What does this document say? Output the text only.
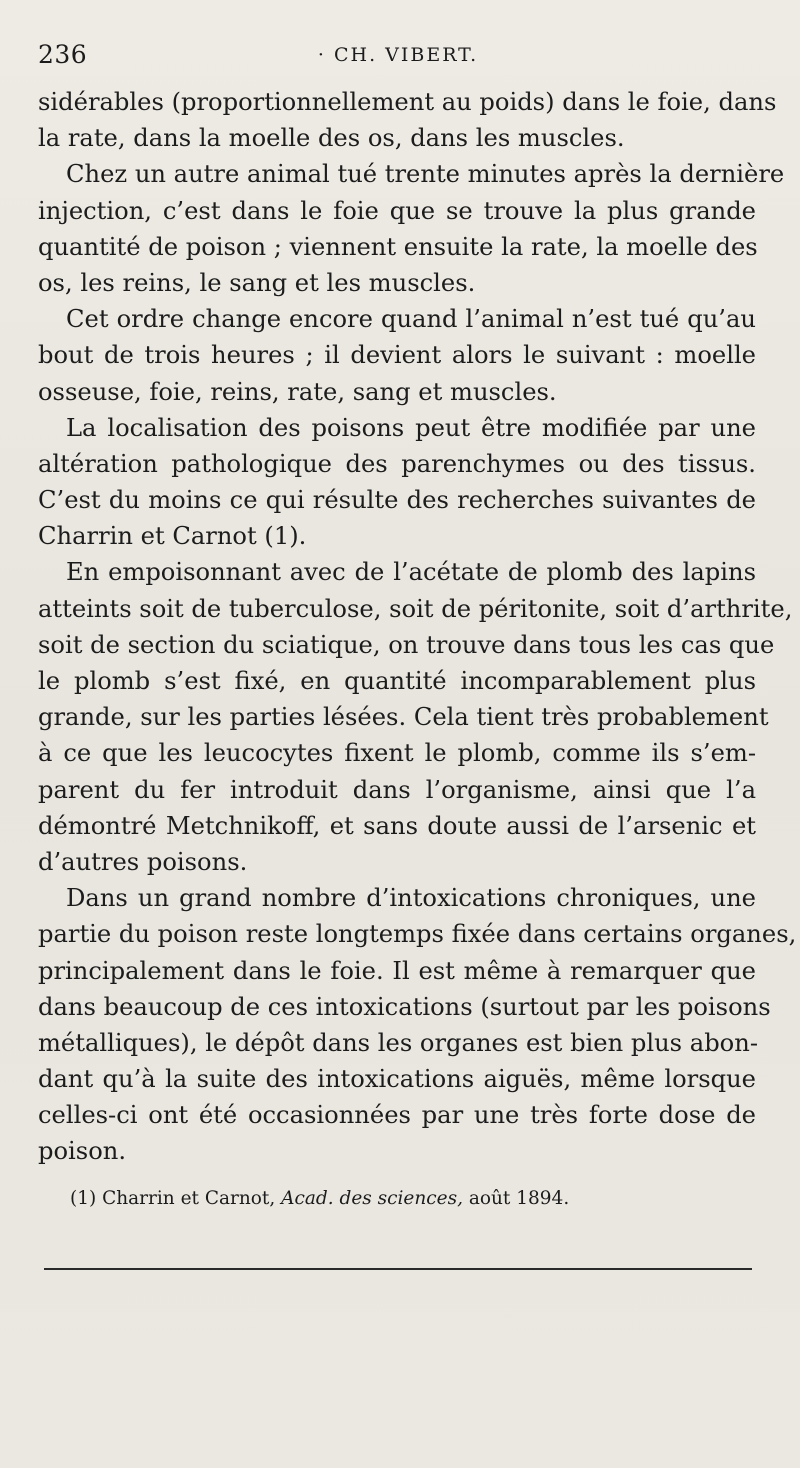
236	· CH. VIBERT.
sidérables (proportionnellement au poids) dans le foie, dans
la rate, dans la moelle des os, dans les muscles.
Chez un autre animal tué trente minutes après la dernière
injection, c’est dans le foie que se trouve la plus grande
quantité de poison ; viennent ensuite la rate, la moelle des
os, les reins, le sang et les muscles.
Cet ordre change encore quand l’animal n’est tué qu’au
bout de trois heures ; il devient alors le suivant : moelle
osseuse, foie, reins, rate, sang et muscles.
La localisation des poisons peut être modifiée par une
altération pathologique des parenchymes ou des tissus.
C’est du moins ce qui résulte des recherches suivantes de
Charrin et Carnot (1).
En empoisonnant avec de l’acétate de plomb des lapins
atteints soit de tuberculose, soit de péritonite, soit d’arthrite,
soit de section du sciatique, on trouve dans tous les cas que
le plomb s’est fixé, en quantité incomparablement plus
grande, sur les parties lésées. Cela tient très probablement
à ce que les leucocytes fixent le plomb, comme ils s’em-
parent du fer introduit dans l’organisme, ainsi que l’a
démontré Metchnikoff, et sans doute aussi de l’arsenic et
d’autres poisons.
Dans un grand nombre d’intoxications chroniques, une
partie du poison reste longtemps fixée dans certains organes,
principalement dans le foie. Il est même à remarquer que
dans beaucoup de ces intoxications (surtout par les poisons
métalliques), le dépôt dans les organes est bien plus abon-
dant qu’à la suite des intoxications aiguës, même lorsque
celles-ci ont été occasionnées par une très forte dose de
poison.
(1) Charrin et Carnot, Acad. des sciences, août 1894.
